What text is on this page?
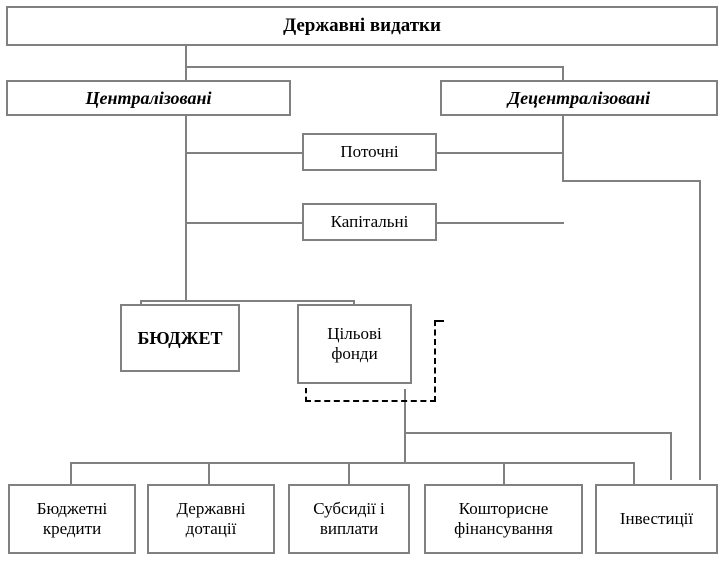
Державні видатки
Централізовані	Децентралізовані
Поточні
Капітальні
БЮДЖЕТ	Цільові
фонди
Бюджетні
кредити
Державні
дотації
Субсидії і
виплати
Кошторисне
фінансування
Інвестиції
